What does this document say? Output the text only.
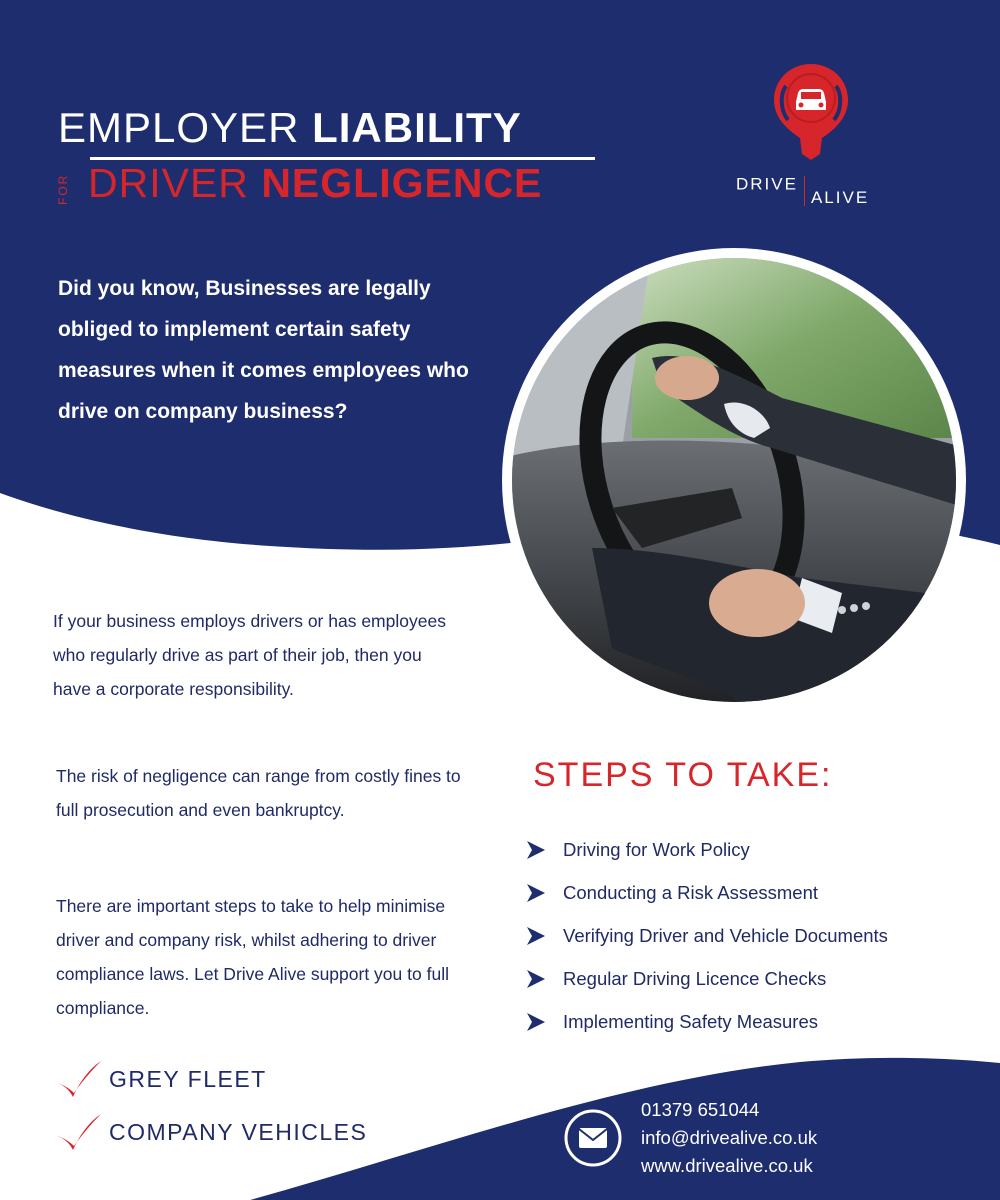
EMPLOYER LIABILITY
FOR DRIVER NEGLIGENCE	DRIVEALIVE
Did you know, Businesses are legally obliged to implement certain safety measures when it comes employees who drive on company business?
If your business employs drivers or has employees who regularly drive as part of their job, then you have a corporate responsibility.
The risk of negligence can range from costly fines to full prosecution and even bankruptcy.
There are important steps to take to help minimise driver and company risk, whilst adhering to driver compliance laws. Let Drive Alive support you to full compliance.
STEPS TO TAKE:
Driving for Work Policy
Conducting a Risk Assessment
Verifying Driver and Vehicle Documents
Regular Driving Licence Checks
Implementing Safety Measures
GREY FLEET
COMPANY VEHICLES
01379 651044
info@drivealive.co.uk
www.drivealive.co.uk
